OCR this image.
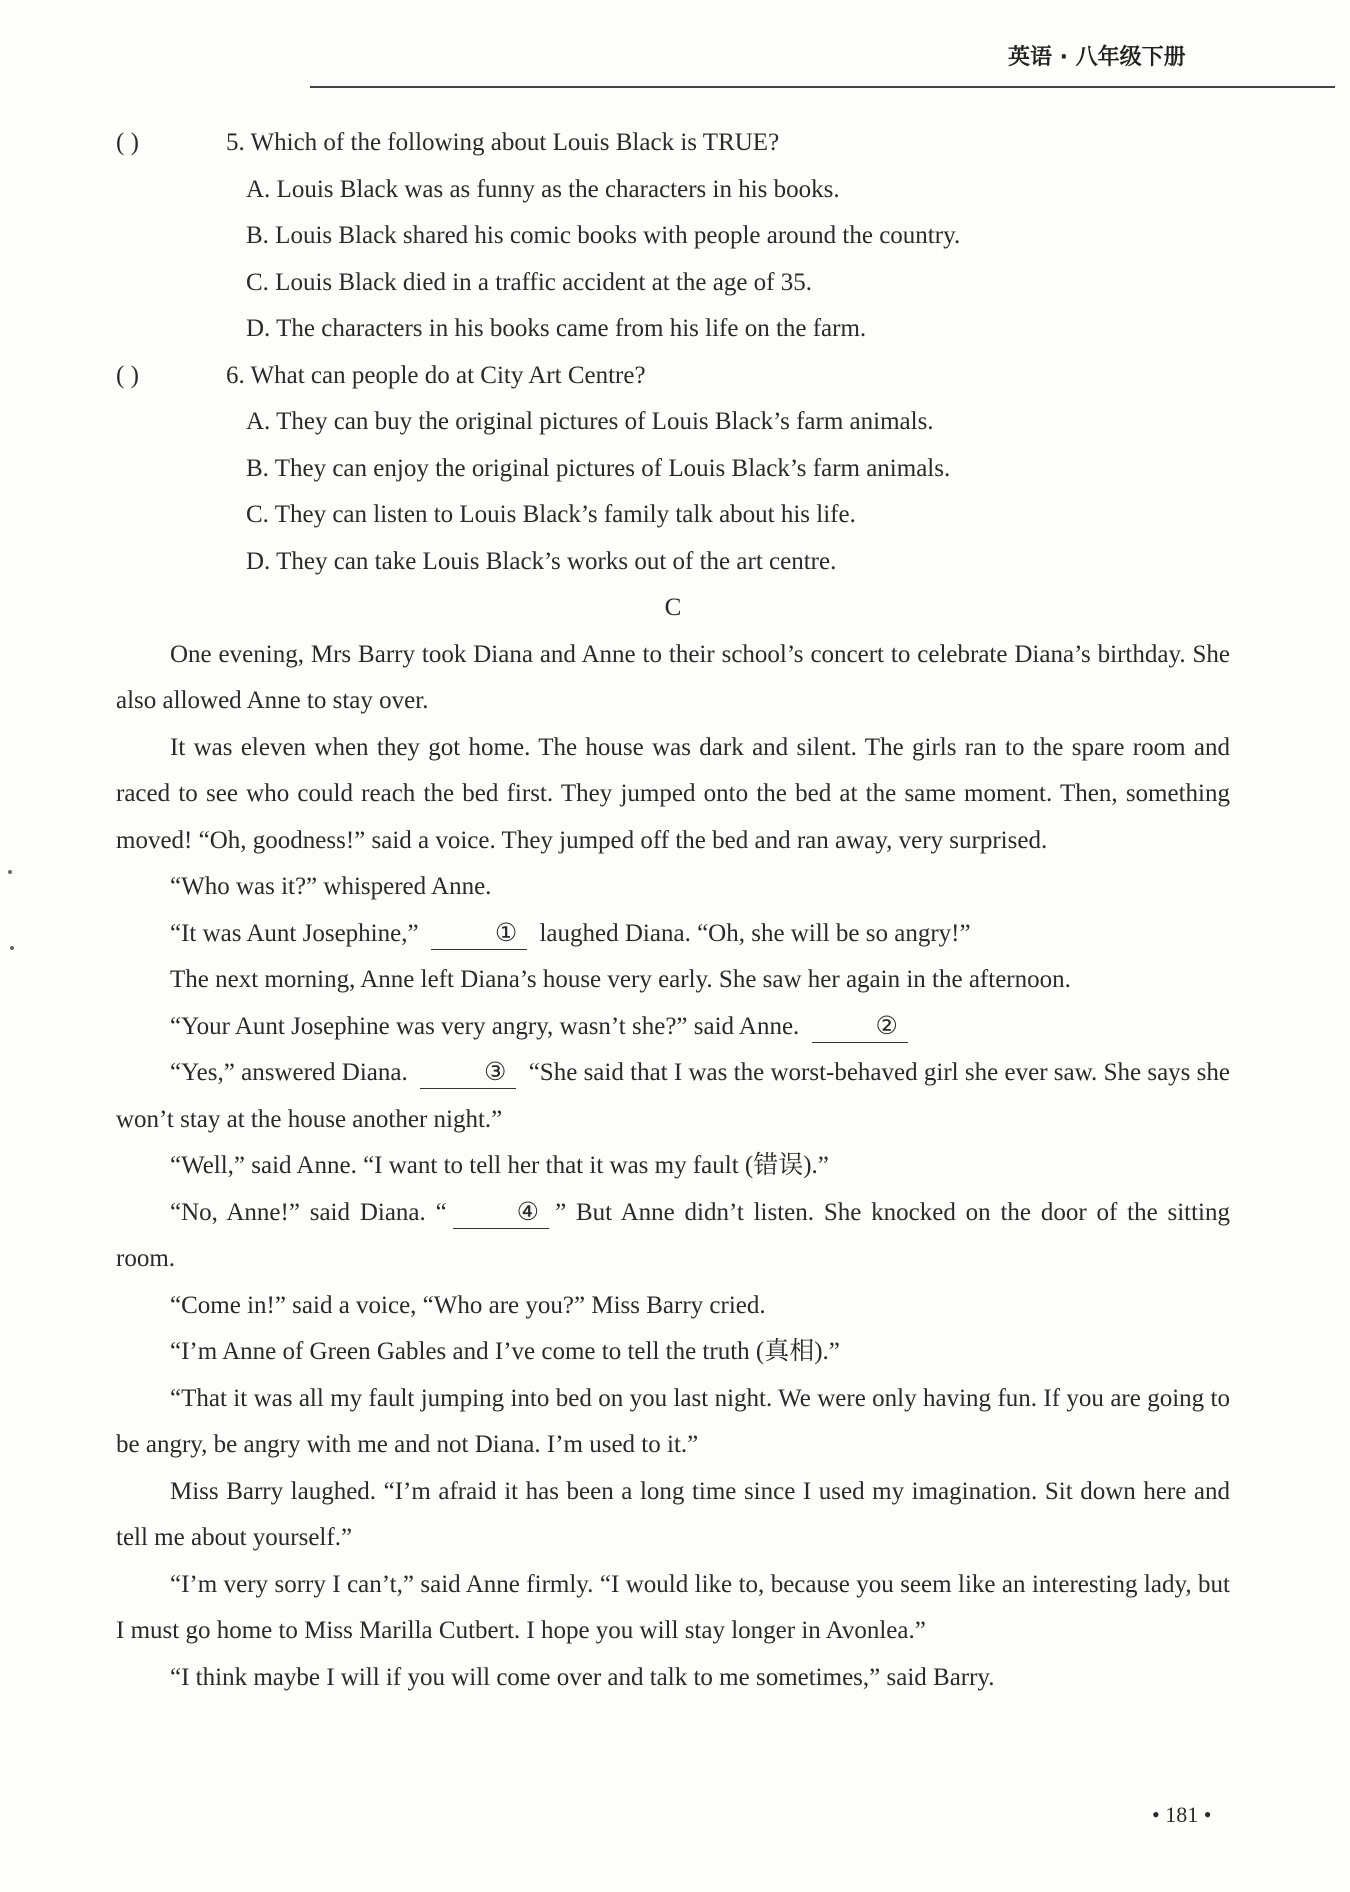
英语 · 八年级下册
( )	5. Which of the following about Louis Black is TRUE?
A. Louis Black was as funny as the characters in his books.
B. Louis Black shared his comic books with people around the country.
C. Louis Black died in a traffic accident at the age of 35.
D. The characters in his books came from his life on the farm.
( )	6. What can people do at City Art Centre?
A. They can buy the original pictures of Louis Black’s farm animals.
B. They can enjoy the original pictures of Louis Black’s farm animals.
C. They can listen to Louis Black’s family talk about his life.
D. They can take Louis Black’s works out of the art centre.
C
One evening, Mrs Barry took Diana and Anne to their school’s concert to celebrate Diana’s birthday. She also allowed Anne to stay over.
It was eleven when they got home. The house was dark and silent. The girls ran to the spare room and raced to see who could reach the bed first. They jumped onto the bed at the same moment. Then, something moved! “Oh, goodness!” said a voice. They jumped off the bed and ran away, very surprised.
“Who was it?” whispered Anne.
“It was Aunt Josephine,”	① laughed Diana. “Oh, she will be so angry!”
The next morning, Anne left Diana’s house very early. She saw her again in the afternoon.
“Your Aunt Josephine was very angry, wasn’t she?” said Anne.	②
“Yes,” answered Diana.	③ “She said that I was the worst-behaved girl she ever saw. She says she won’t stay at the house another night.”
“Well,” said Anne. “I want to tell her that it was my fault (错误).”
“No, Anne!” said Diana. “	④ ” But Anne didn’t listen. She knocked on the door of the sitting room.
“Come in!” said a voice, “Who are you?” Miss Barry cried.
“I’m Anne of Green Gables and I’ve come to tell the truth (真相).”
“That it was all my fault jumping into bed on you last night. We were only having fun. If you are going to be angry, be angry with me and not Diana. I’m used to it.”
Miss Barry laughed. “I’m afraid it has been a long time since I used my imagination. Sit down here and tell me about yourself.”
“I’m very sorry I can’t,” said Anne firmly. “I would like to, because you seem like an interesting lady, but I must go home to Miss Marilla Cutbert. I hope you will stay longer in Avonlea.”
“I think maybe I will if you will come over and talk to me sometimes,” said Barry.
• 181 •
